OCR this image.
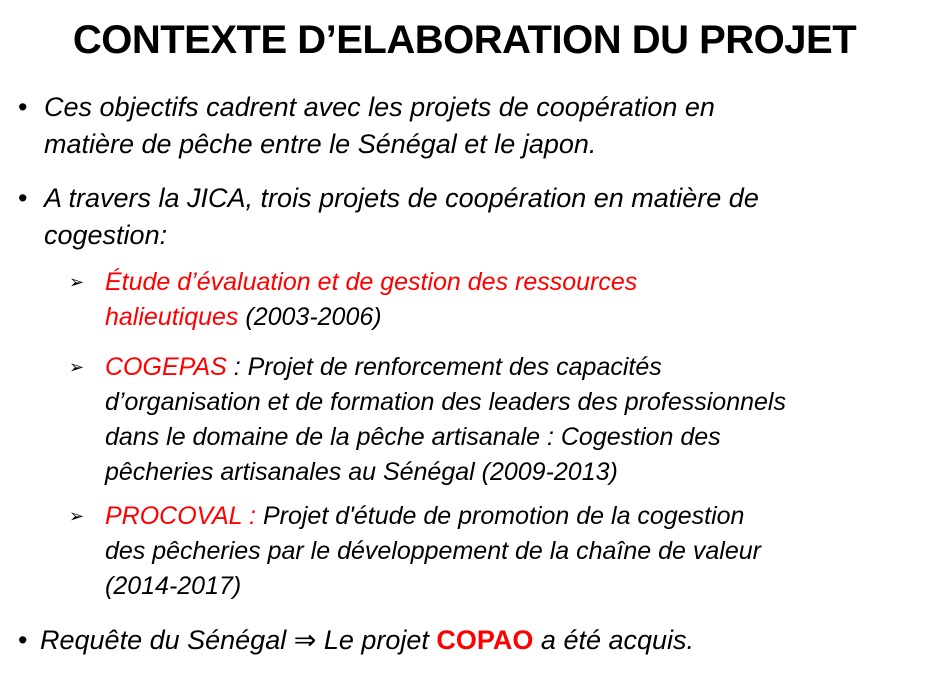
CONTEXTE D’ELABORATION DU PROJET
• Ces objectifs cadrent avec les projets de coopération en
matière de pêche entre le Sénégal et le japon.
• A travers la JICA, trois projets de coopération en matière de
cogestion:
➢ Étude d’évaluation et de gestion des ressources
halieutiques (2003-2006)
➢ COGEPAS : Projet de renforcement des capacités
d’organisation et de formation des leaders des professionnels
dans le domaine de la pêche artisanale : Cogestion des
pêcheries artisanales au Sénégal (2009-2013)
➢ PROCOVAL : Projet d'étude de promotion de la cogestion
des pêcheries par le développement de la chaîne de valeur
(2014-2017)
• Requête du Sénégal ⇒ Le projet COPAO a été acquis.
